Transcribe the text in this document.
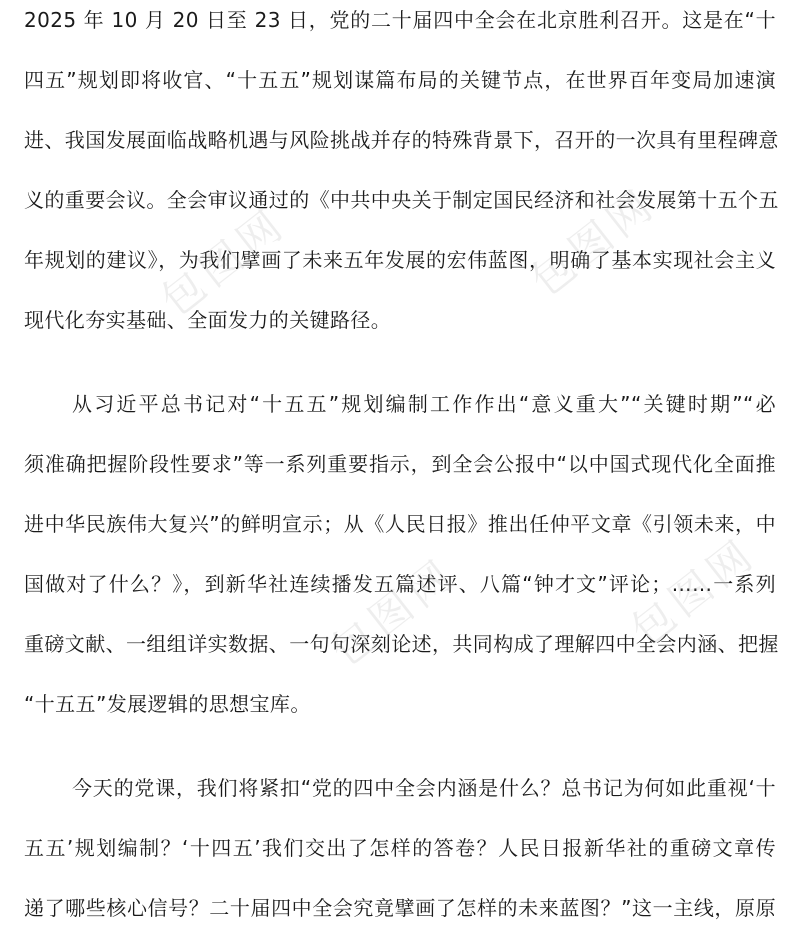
2025 年 10 月 20 日至 23 日，党的二十届四中全会在北京胜利召开。这是在“十
四五”规划即将收官、“十五五”规划谋篇布局的关键节点，在世界百年变局加速演
进、我国发展面临战略机遇与风险挑战并存的特殊背景下，召开的一次具有里程碑意
义的重要会议。全会审议通过的《中共中央关于制定国民经济和社会发展第十五个五
年规划的建议》，为我们擘画了未来五年发展的宏伟蓝图，明确了基本实现社会主义
现代化夯实基础、全面发力的关键路径。
从习近平总书记对“十五五”规划编制工作作出“意义重大”“关键时期”“必
须准确把握阶段性要求”等一系列重要指示，到全会公报中“以中国式现代化全面推
进中华民族伟大复兴”的鲜明宣示；从《人民日报》推出任仲平文章《引领未来，中
国做对了什么？》，到新华社连续播发五篇述评、八篇“钟才文”评论；……一系列
重磅文献、一组组详实数据、一句句深刻论述，共同构成了理解四中全会内涵、把握
“十五五”发展逻辑的思想宝库。
今天的党课，我们将紧扣“党的四中全会内涵是什么？总书记为何如此重视‘十
五五’规划编制？‘十四五’我们交出了怎样的答卷？人民日报新华社的重磅文章传
递了哪些核心信号？二十届四中全会究竟擘画了怎样的未来蓝图？”这一主线，原原
包图网	包图网
包图网
包图网
